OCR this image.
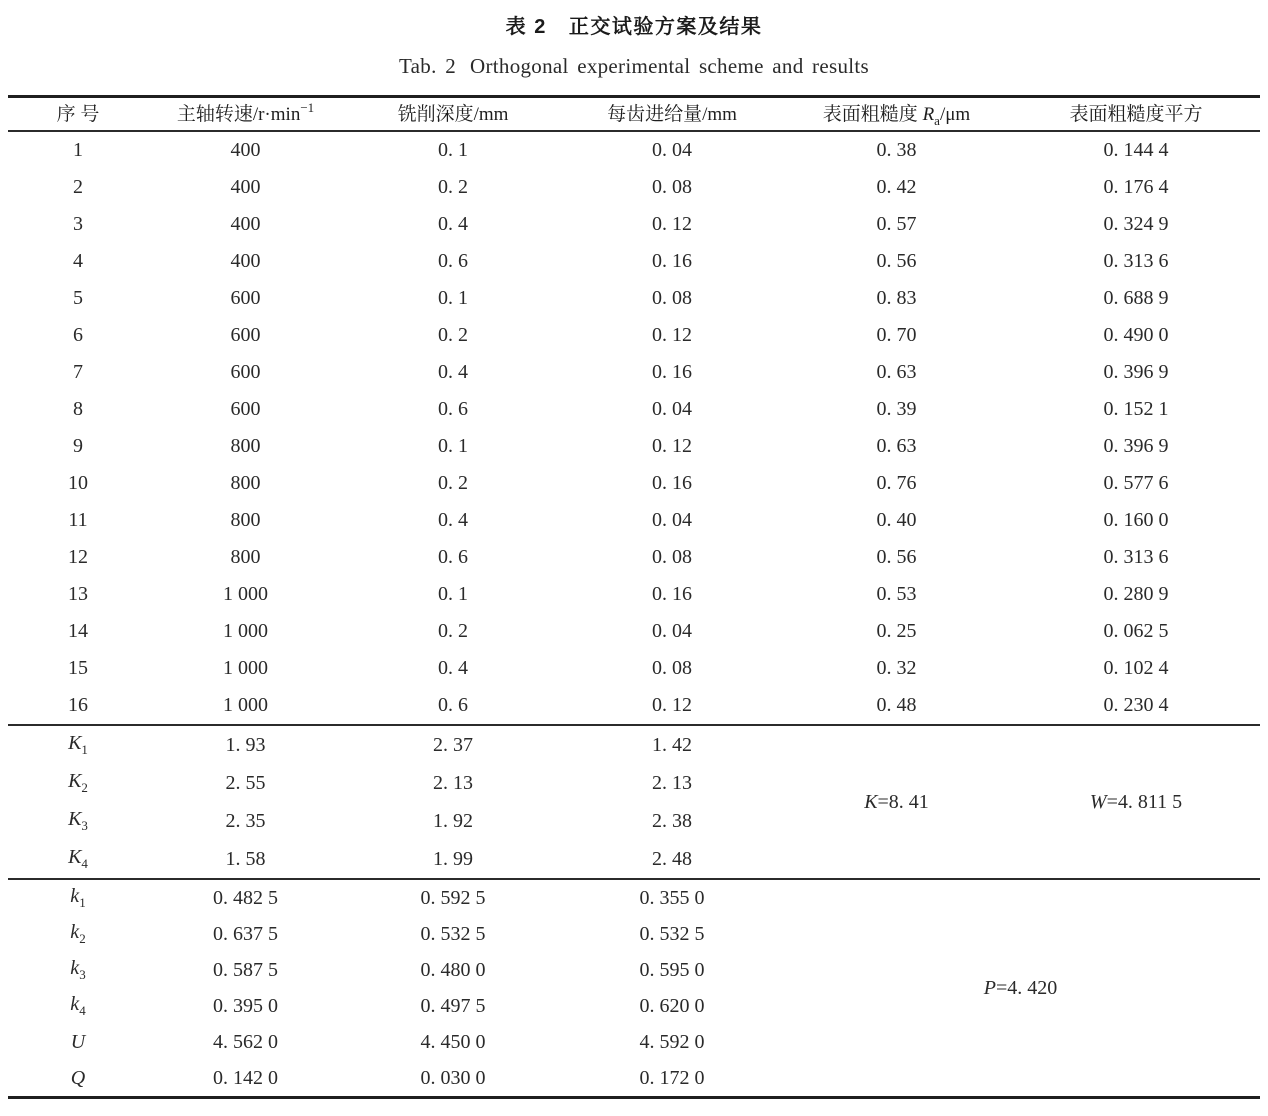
表 2 正交试验方案及结果
Tab. 2 Orthogonal experimental scheme and results
序 号	主轴转速$/r\cdot\min^{-1}$	铣削深度/mm	每齿进给量/mm	表面粗糙度 $R_a/\mu m$	表面粗糙度平方
1	400	0. 1	0. 04	0. 38	0. 144 4
2	400	0. 2	0. 08	0. 42	0. 176 4
3	400	0. 4	0. 12	0. 57	0. 324 9
4	400	0. 6	0. 16	0. 56	0. 313 6
5	600	0. 1	0. 08	0. 83	0. 688 9
6	600	0. 2	0. 12	0. 70	0. 490 0
7	600	0. 4	0. 16	0. 63	0. 396 9
8	600	0. 6	0. 04	0. 39	0. 152 1
9	800	0. 1	0. 12	0. 63	0. 396 9
10	800	0. 2	0. 16	0. 76	0. 577 6
11	800	0. 4	0. 04	0. 40	0. 160 0
12	800	0. 6	0. 08	0. 56	0. 313 6
13	1 000	0. 1	0. 16	0. 53	0. 280 9
14	1 000	0. 2	0. 04	0. 25	0. 062 5
15	1 000	0. 4	0. 08	0. 32	0. 102 4
16	1 000	0. 6	0. 12	0. 48	0. 230 4
$K_1$	1. 93	2. 37	1. 42	K=8. 41	W=4. 811 5
$K_2$	2. 55	2. 13	2. 13		
$K_3$	2. 35	1. 92	2. 38		
$K_4$	1. 58	1. 99	2. 48		
$k_1$	0. 482 5	0. 592 5	0. 355 0	P=4. 420	
$k_2$	0. 637 5	0. 532 5	0. 532 5		
$k_3$	0. 587 5	0. 480 0	0. 595 0		
$k_4$	0. 395 0	0. 497 5	0. 620 0		
U	4. 562 0	4. 450 0	4. 592 0		
Q	0. 142 0	0. 030 0	0. 172 0		
